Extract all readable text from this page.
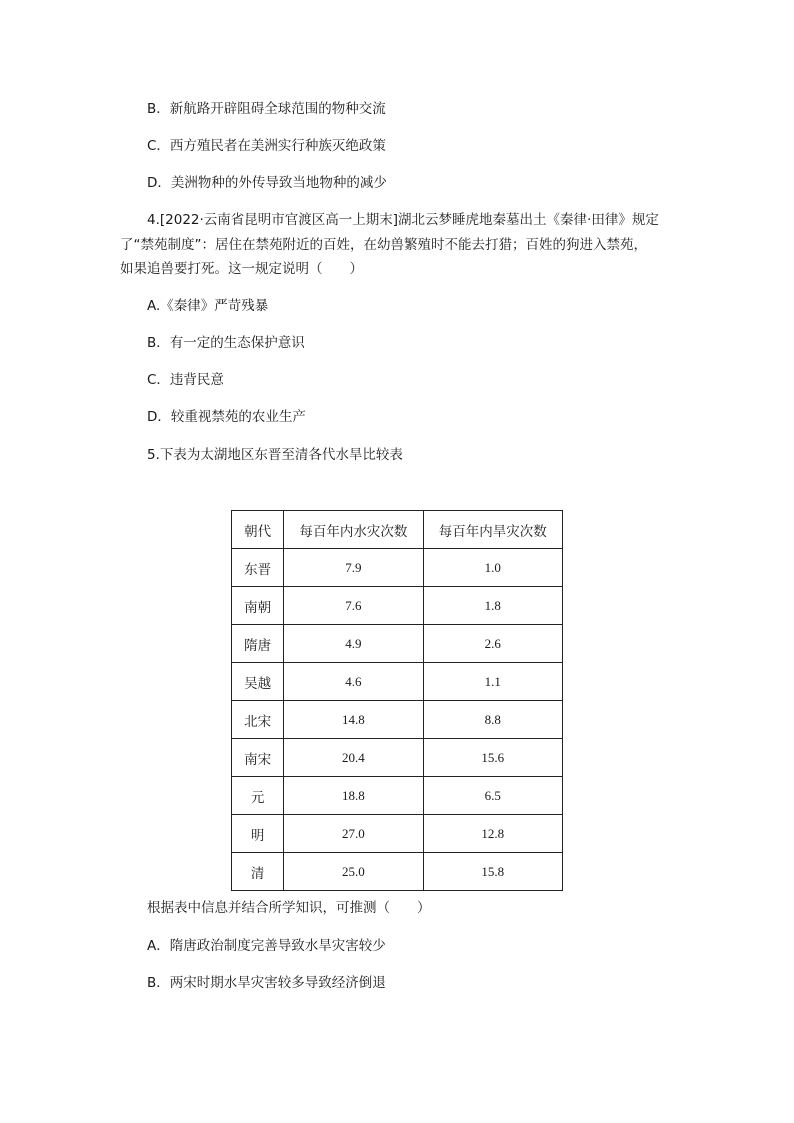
B．新航路开辟阻碍全球范围的物种交流
C．西方殖民者在美洲实行种族灭绝政策
D．美洲物种的外传导致当地物种的减少
4.[2022·云南省昆明市官渡区高一上期末]湖北云梦睡虎地秦墓出土《秦律·田律》规定
了“禁苑制度”：居住在禁苑附近的百姓，在幼兽繁殖时不能去打猎；百姓的狗进入禁苑，
如果追兽要打死。这一规定说明（　　）
A.《秦律》严苛残暴
B．有一定的生态保护意识
C．违背民意
D．较重视禁苑的农业生产
5.下表为太湖地区东晋至清各代水旱比较表
朝代	每百年内水灾次数	每百年内旱灾次数
东晋	7.9	1.0
南朝	7.6	1.8
隋唐	4.9	2.6
吴越	4.6	1.1
北宋	14.8	8.8
南宋	20.4	15.6
元	18.8	6.5
明	27.0	12.8
清	25.0	15.8
根据表中信息并结合所学知识，可推测（　　）
A．隋唐政治制度完善导致水旱灾害较少
B．两宋时期水旱灾害较多导致经济倒退
